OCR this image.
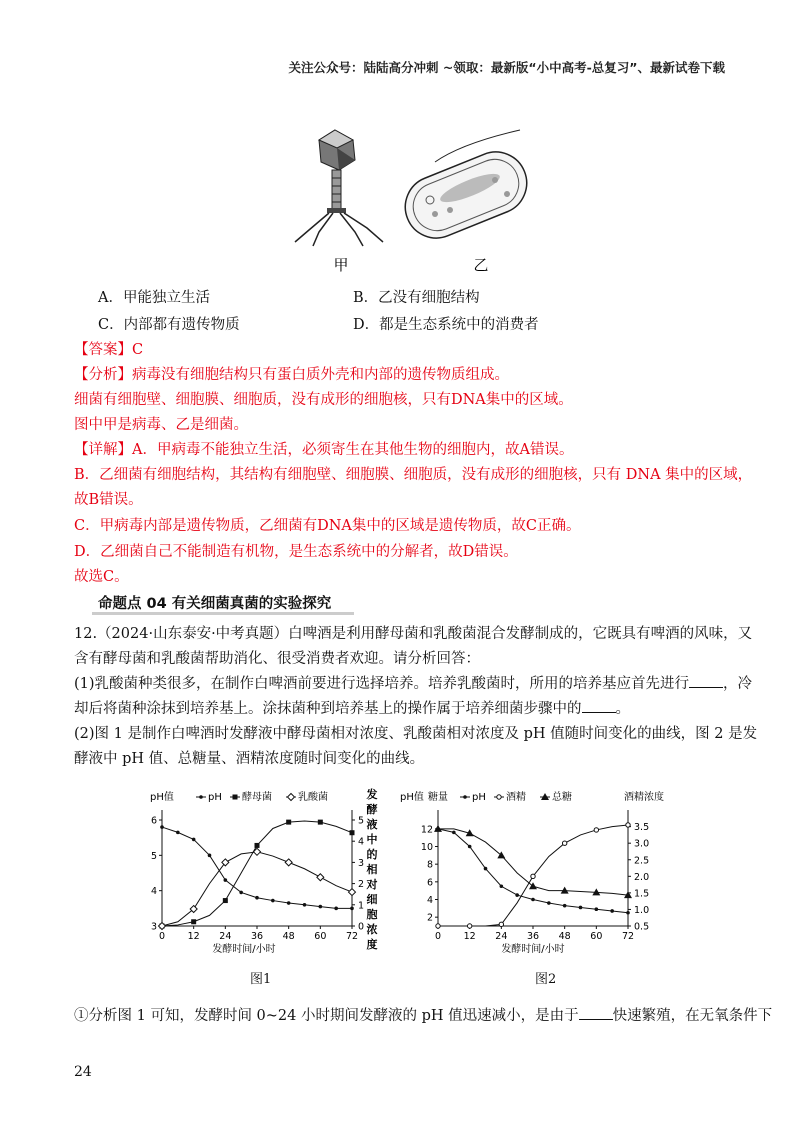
关注公众号：陆陆高分冲刺 ~领取：最新版“小中高考-总复习”、最新试卷下载
甲	乙
A．甲能独立生活	B．乙没有细胞结构
C．内部都有遗传物质	D．都是生态系统中的消费者
【答案】C
【分析】病毒没有细胞结构只有蛋白质外壳和内部的遗传物质组成。
细菌有细胞壁、细胞膜、细胞质，没有成形的细胞核，只有DNA集中的区域。
图中甲是病毒、乙是细菌。
【详解】A．甲病毒不能独立生活，必须寄生在其他生物的细胞内，故A错误。
B．乙细菌有细胞结构，其结构有细胞壁、细胞膜、细胞质，没有成形的细胞核，只有 DNA 集中的区域，
故B错误。
C．甲病毒内部是遗传物质，乙细菌有DNA集中的区域是遗传物质，故C正确。
D．乙细菌自己不能制造有机物，是生态系统中的分解者，故D错误。
故选C。
命题点 04 有关细菌真菌的实验探究
12.（2024·山东泰安·中考真题）白啤酒是利用酵母菌和乳酸菌混合发酵制成的，它既具有啤酒的风味，又
含有酵母菌和乳酸菌帮助消化、很受消费者欢迎。请分析回答：
(1)乳酸菌种类很多，在制作白啤酒前要进行选择培养。培养乳酸菌时，所用的培养基应首先进行 ，冷
却后将菌种涂抹到培养基上。涂抹菌种到培养基上的操作属于培养细菌步骤中的 。
(2)图 1 是制作白啤酒时发酵液中酵母菌相对浓度、乳酸菌相对浓度及 pH 值随时间变化的曲线，图 2 是发
酵液中 pH 值、总糖量、酒精浓度随时间变化的曲线。
pH值	pH 酵母菌	乳酸菌
0 12 24 36 48 60 72
3
4
5
6
0
1
2
3
4
5
发酵时间/小时
发
酵
液
中
的
相
对
细
胞
浓
度
图1
pH值 糖量 pH 酒精	总糖	酒精浓度
0 12 24 36 48 60 72
2
4
6
8
10
12
0.5
1.0
1.5
2.0
2.5
3.0
3.5
发酵时间/小时
图2
①分析图 1 可知，发酵时间 0~24 小时期间发酵液的 pH 值迅速减小，是由于 快速繁殖，在无氧条件下
24
